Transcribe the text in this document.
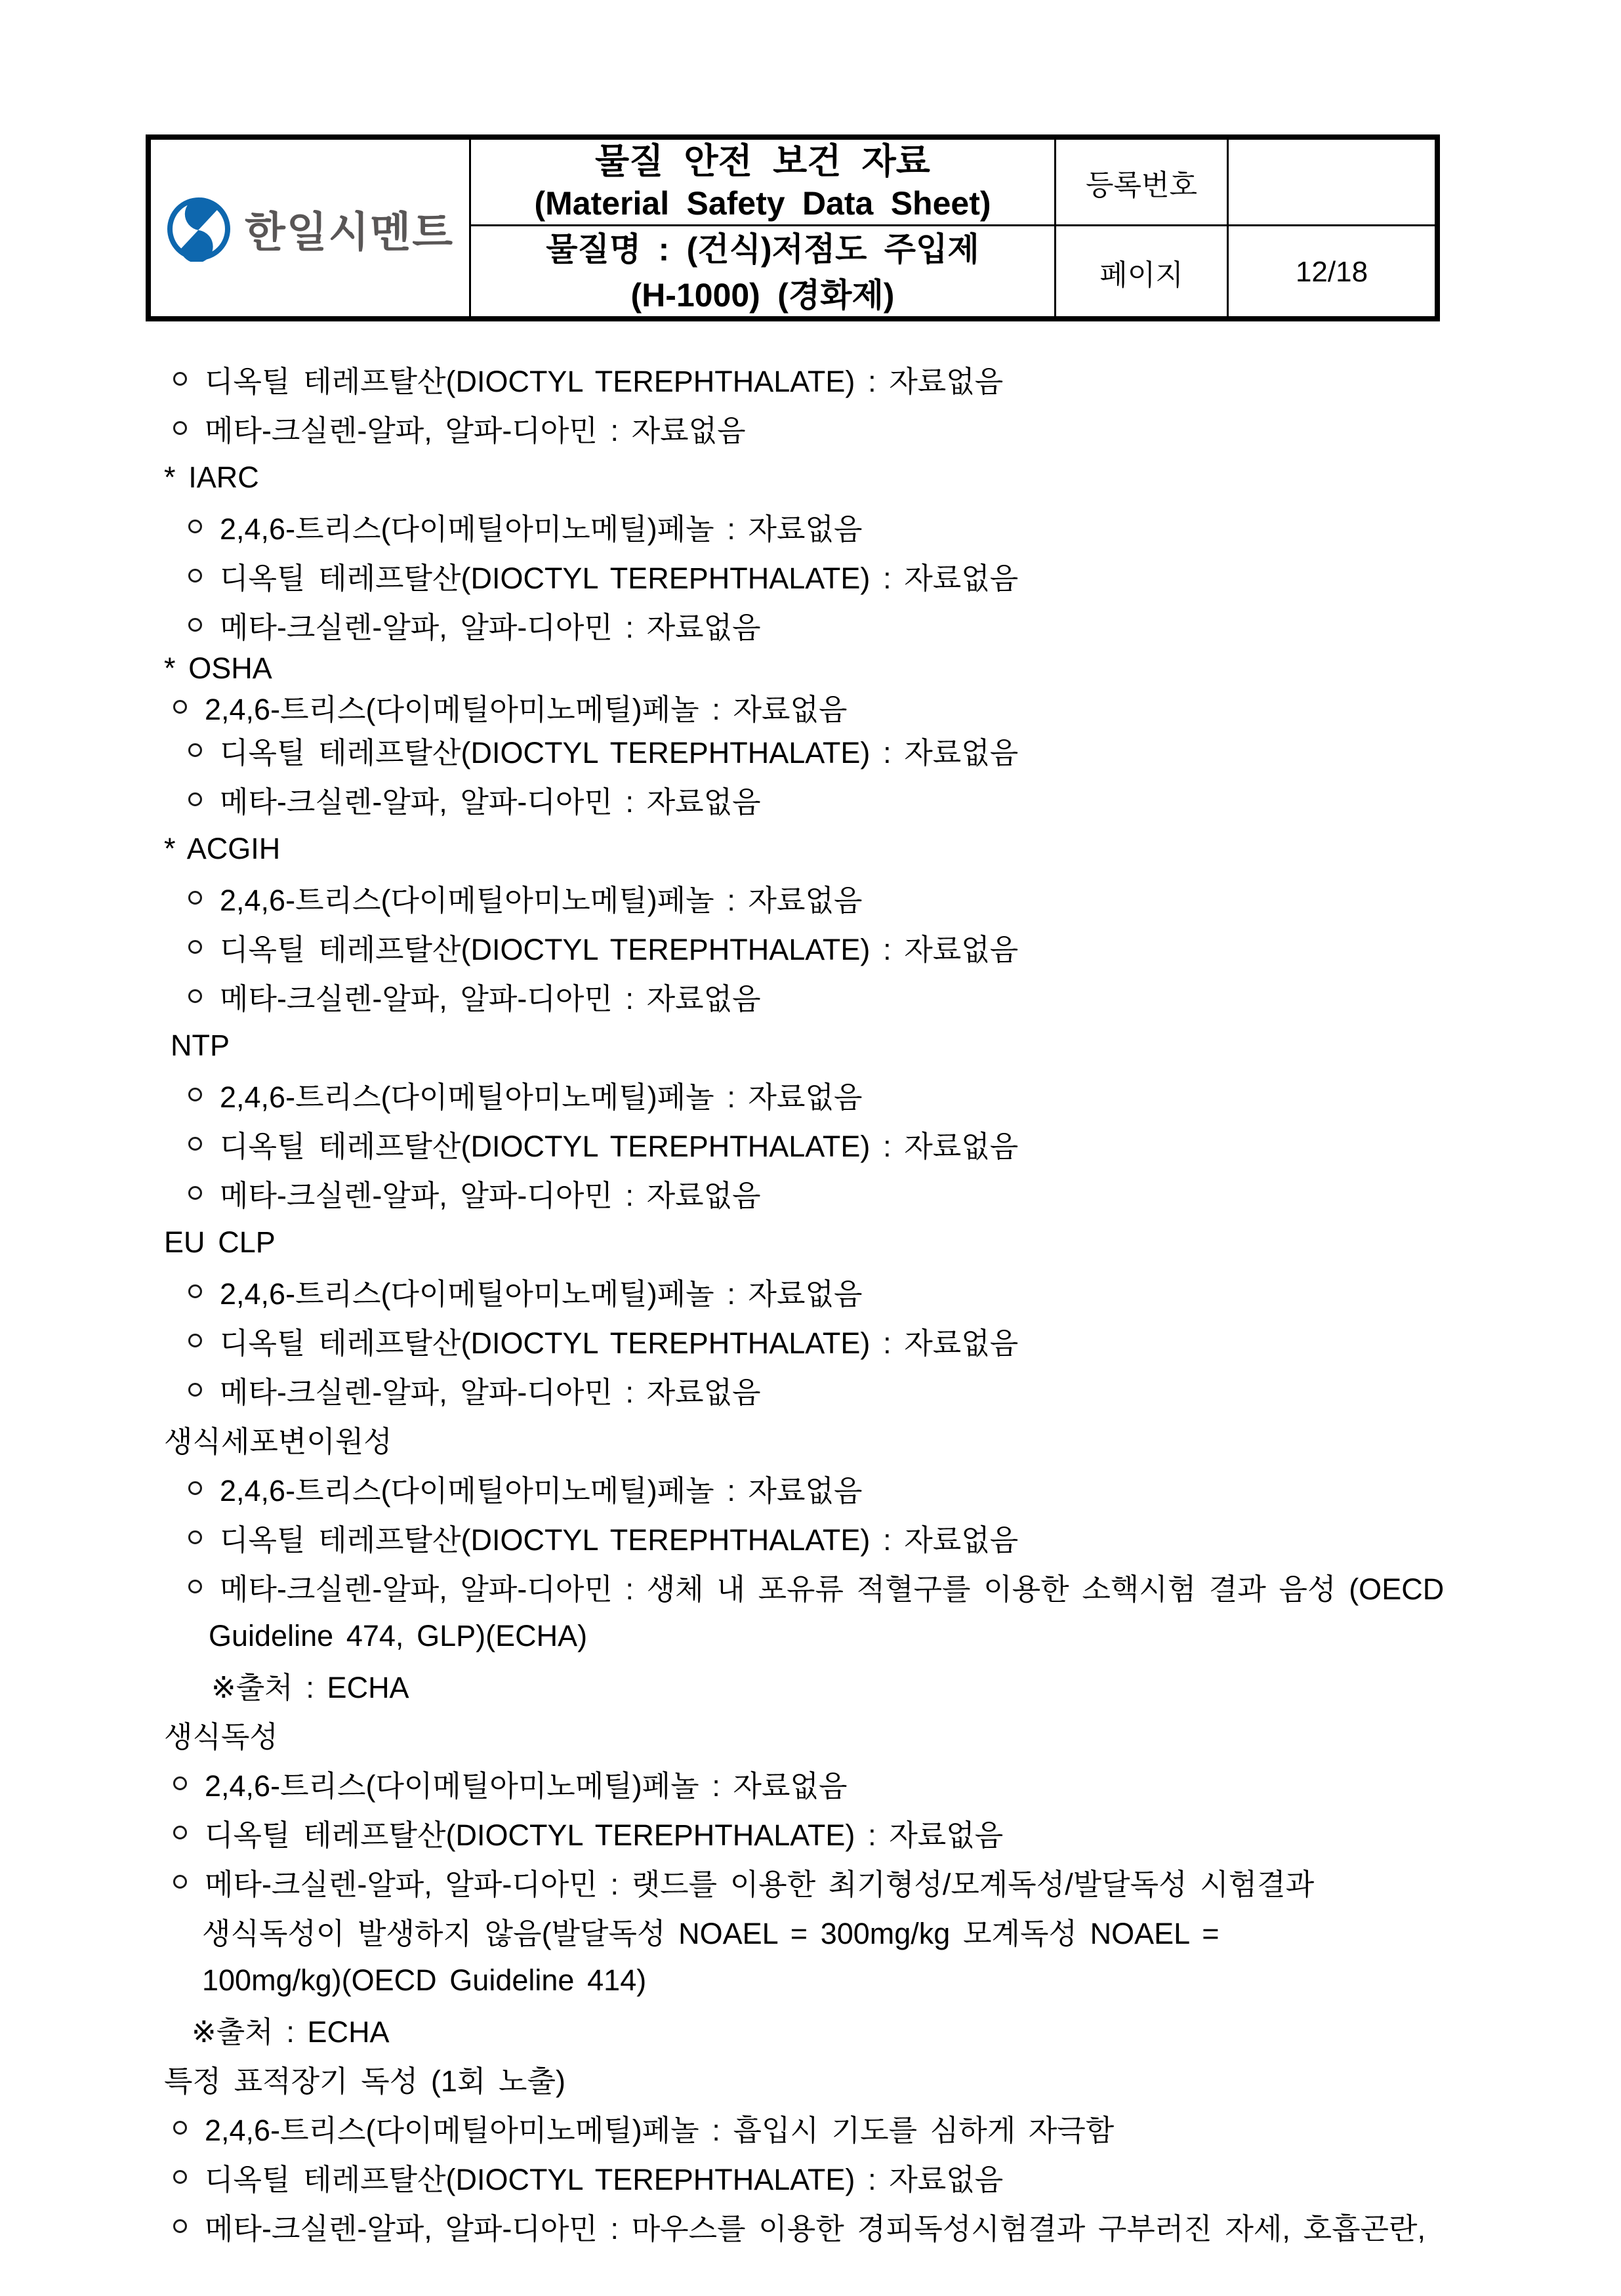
한일시멘트
물질 안전 보건 자료
(Material Safety Data Sheet)	등록번호
물질명 : (건식)저점도 주입제
(H-1000) (경화제)
페이지	12/18
디옥틸 테레프탈산(DIOCTYL TEREPHTHALATE) : 자료없음
메타-크실렌-알파, 알파-디아민 : 자료없음
* IARC
2,4,6-트리스(다이메틸아미노메틸)페놀 : 자료없음
디옥틸 테레프탈산(DIOCTYL TEREPHTHALATE) : 자료없음
메타-크실렌-알파, 알파-디아민 : 자료없음
* OSHA
2,4,6-트리스(다이메틸아미노메틸)페놀 : 자료없음
디옥틸 테레프탈산(DIOCTYL TEREPHTHALATE) : 자료없음
메타-크실렌-알파, 알파-디아민 : 자료없음
* ACGIH
2,4,6-트리스(다이메틸아미노메틸)페놀 : 자료없음
디옥틸 테레프탈산(DIOCTYL TEREPHTHALATE) : 자료없음
메타-크실렌-알파, 알파-디아민 : 자료없음
NTP
2,4,6-트리스(다이메틸아미노메틸)페놀 : 자료없음
디옥틸 테레프탈산(DIOCTYL TEREPHTHALATE) : 자료없음
메타-크실렌-알파, 알파-디아민 : 자료없음
EU CLP
2,4,6-트리스(다이메틸아미노메틸)페놀 : 자료없음
디옥틸 테레프탈산(DIOCTYL TEREPHTHALATE) : 자료없음
메타-크실렌-알파, 알파-디아민 : 자료없음
생식세포변이원성
2,4,6-트리스(다이메틸아미노메틸)페놀 : 자료없음
디옥틸 테레프탈산(DIOCTYL TEREPHTHALATE) : 자료없음
메타-크실렌-알파, 알파-디아민 : 생체 내 포유류 적혈구를 이용한 소핵시험 결과 음성 (OECD
Guideline 474, GLP)(ECHA)
※출처 : ECHA
생식독성
2,4,6-트리스(다이메틸아미노메틸)페놀 : 자료없음
디옥틸 테레프탈산(DIOCTYL TEREPHTHALATE) : 자료없음
메타-크실렌-알파, 알파-디아민 : 랫드를 이용한 최기형성/모계독성/발달독성 시험결과
생식독성이 발생하지 않음(발달독성 NOAEL = 300mg/kg 모계독성 NOAEL =
100mg/kg)(OECD Guideline 414)
※출처 : ECHA
특정 표적장기 독성 (1회 노출)
2,4,6-트리스(다이메틸아미노메틸)페놀 : 흡입시 기도를 심하게 자극함
디옥틸 테레프탈산(DIOCTYL TEREPHTHALATE) : 자료없음
메타-크실렌-알파, 알파-디아민 : 마우스를 이용한 경피독성시험결과 구부러진 자세, 호흡곤란,
